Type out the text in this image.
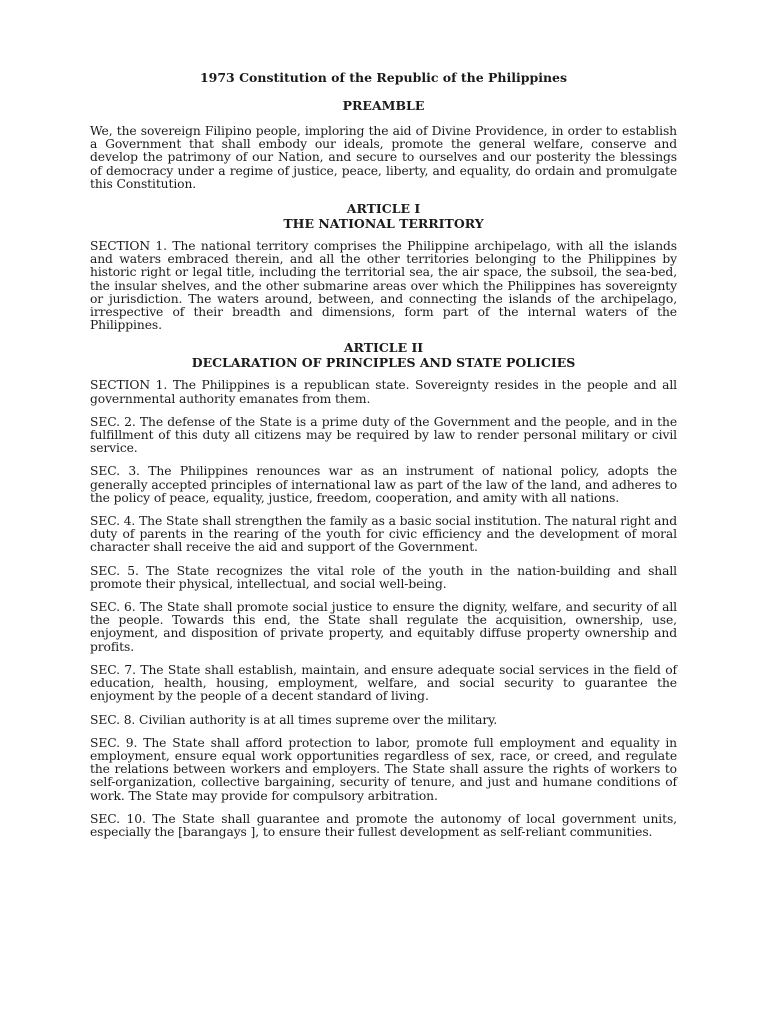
1973 Constitution of the Republic of the Philippines
PREAMBLE

We, the sovereign Filipino people, imploring the aid of Divine Providence, in order to establish a Government that shall embody our ideals, promote the general welfare, conserve and develop the patrimony of our Nation, and secure to ourselves and our posterity the blessings of democracy under a regime of justice, peace, liberty, and equality, do ordain and promulgate this Constitution.

ARTICLE I
THE NATIONAL TERRITORY

SECTION 1. The national territory comprises the Philippine archipelago, with all the islands and waters embraced therein, and all the other territories belonging to the Philippines by historic right or legal title, including the territorial sea, the air space, the subsoil, the sea-bed, the insular shelves, and the other submarine areas over which the Philippines has sovereignty or jurisdiction. The waters around, between, and connecting the islands of the archipelago, irrespective of their breadth and dimensions, form part of the internal waters of the Philippines.

ARTICLE II
DECLARATION OF PRINCIPLES AND STATE POLICIES

SECTION 1. The Philippines is a republican state. Sovereignty resides in the people and all governmental authority emanates from them.

SEC. 2. The defense of the State is a prime duty of the Government and the people, and in the fulfillment of this duty all citizens may be required by law to render personal military or civil service.

SEC. 3. The Philippines renounces war as an instrument of national policy, adopts the generally accepted principles of international law as part of the law of the land, and adheres to the policy of peace, equality, justice, freedom, cooperation, and amity with all nations.

SEC. 4. The State shall strengthen the family as a basic social institution. The natural right and duty of parents in the rearing of the youth for civic efficiency and the development of moral character shall receive the aid and support of the Government.

SEC. 5. The State recognizes the vital role of the youth in the nation-building and shall promote their physical, intellectual, and social well-being.

SEC. 6. The State shall promote social justice to ensure the dignity, welfare, and security of all the people. Towards this end, the State shall regulate the acquisition, ownership, use, enjoyment, and disposition of private property, and equitably diffuse property ownership and profits.

SEC. 7. The State shall establish, maintain, and ensure adequate social services in the field of education, health, housing, employment, welfare, and social security to guarantee the enjoyment by the people of a decent standard of living.

SEC. 8. Civilian authority is at all times supreme over the military.

SEC. 9. The State shall afford protection to labor, promote full employment and equality in employment, ensure equal work opportunities regardless of sex, race, or creed, and regulate the relations between workers and employers. The State shall assure the rights of workers to self-organization, collective bargaining, security of tenure, and just and humane conditions of work. The State may provide for compulsory arbitration.

SEC. 10. The State shall guarantee and promote the autonomy of local government units, especially the [barangays ], to ensure their fullest development as self-reliant communities.
